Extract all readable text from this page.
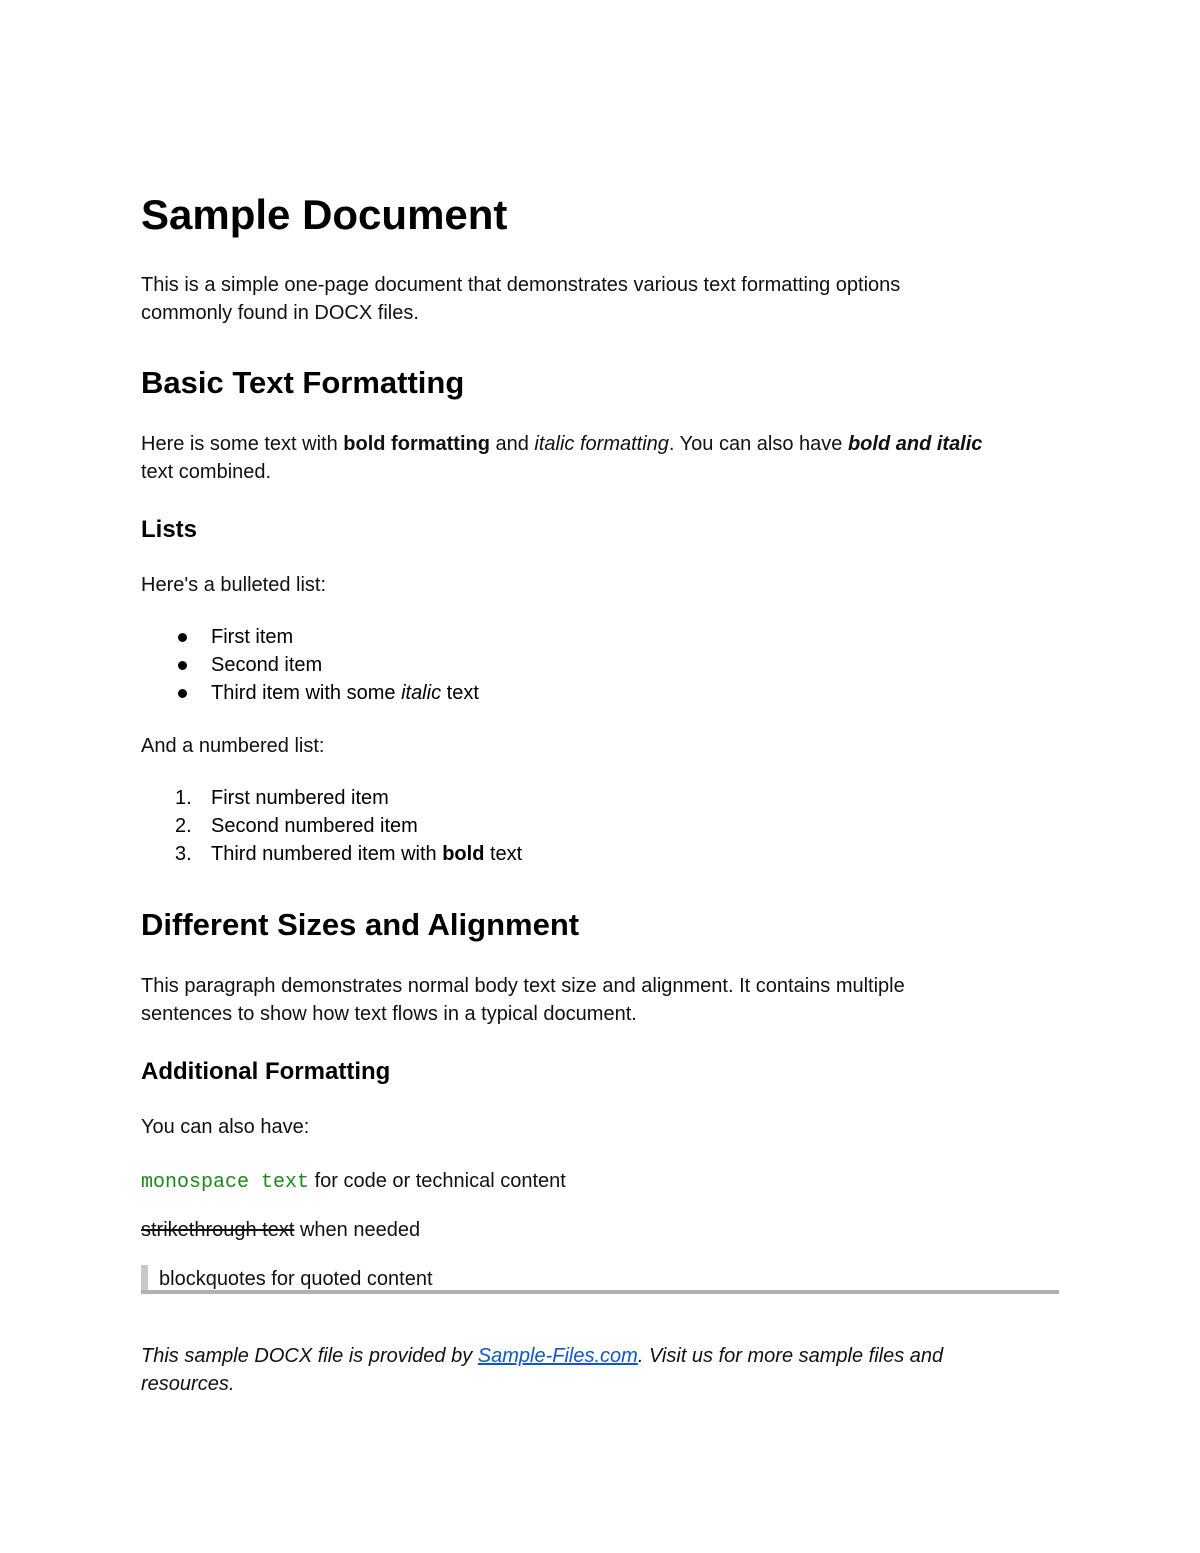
Sample Document
This is a simple one-page document that demonstrates various text formatting options
commonly found in DOCX files.
Basic Text Formatting
Here is some text with bold formatting and italic formatting. You can also have bold and italic
text combined.
Lists
Here's a bulleted list:
First item
Second item
Third item with some italic text
And a numbered list:
1. First numbered item
2. Second numbered item
3. Third numbered item with bold text
Different Sizes and Alignment
This paragraph demonstrates normal body text size and alignment. It contains multiple
sentences to show how text flows in a typical document.
Additional Formatting
You can also have:
monospace text for code or technical content
strikethrough text when needed
blockquotes for quoted content
This sample DOCX file is provided by Sample-Files.com. Visit us for more sample files and
resources.
